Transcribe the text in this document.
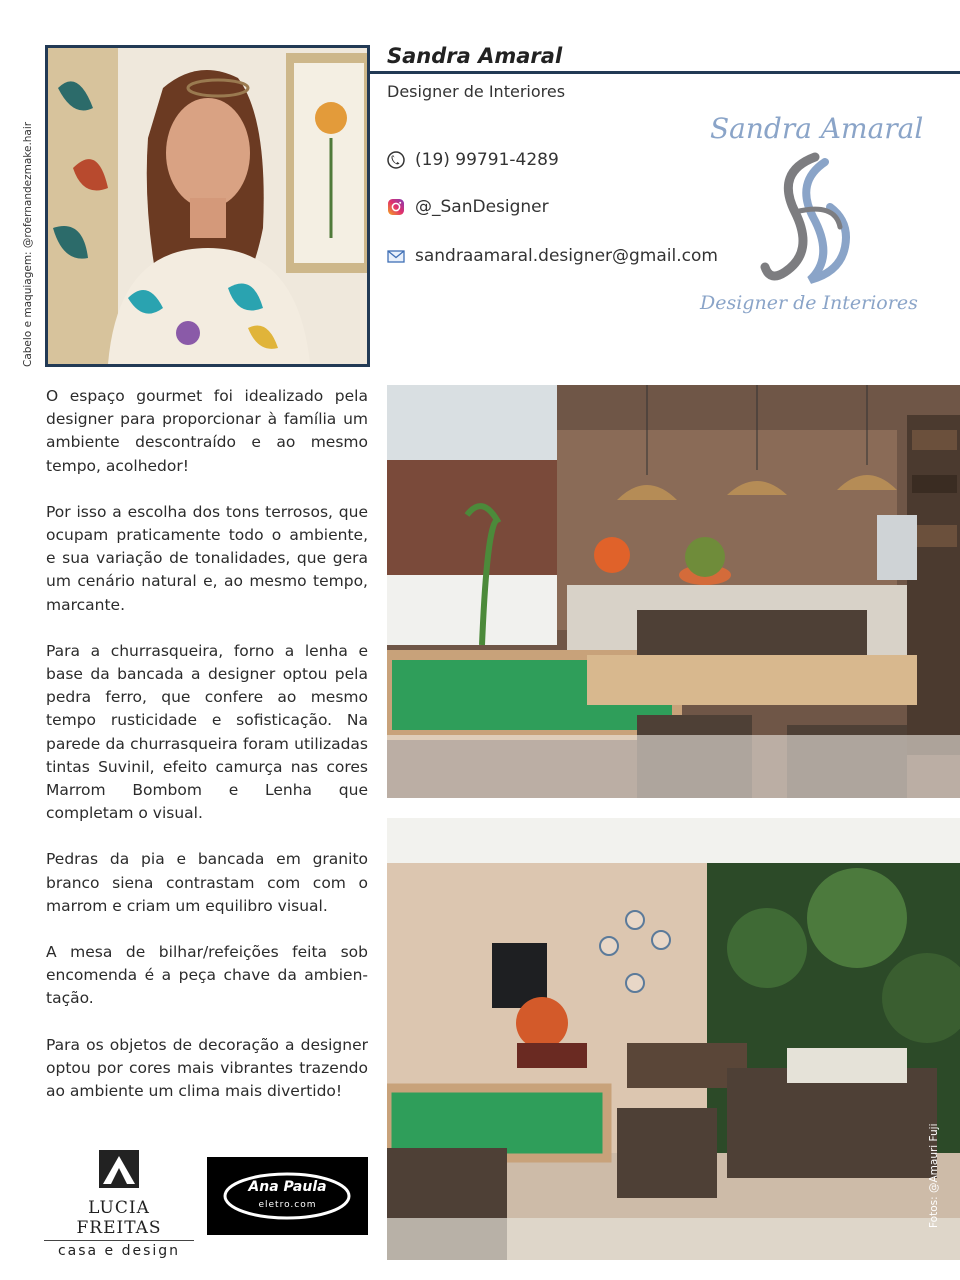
Cabelo e maquiagem: @rofernandezmake.hair
Sandra Amaral
Designer de Interiores
(19) 99791-4289
@_SanDesigner
sandraamaral.designer@gmail.com
Sandra Amaral
Designer de Interiores

O espaço gourmet foi idealizado pela designer para proporcionar à família um ambiente descontraído e ao mesmo tempo, acolhedor!

Por isso a escolha dos tons terrosos, que ocupam praticamente todo o ambiente, e sua variação de tonalidades, que gera um cenário natural e, ao mesmo tempo, marcante.

Para a churrasqueira, forno a lenha e base da bancada a designer optou pela pedra ferro, que confere ao mesmo tempo rusticidade e sofisticação. Na parede da churrasqueira foram utilizadas tintas Suvinil, efeito camurça nas cores Marrom Bombom e Lenha que completam o visual.

Pedras da pia e bancada em granito branco siena contrastam com com o marrom e criam um equilibro visual.

A mesa de bilhar/refeições feita sob encomenda é a peça chave da ambien-tação.

Para os objetos de decoração a designer optou por cores mais vibrantes trazendo ao ambiente um clima mais divertido!

Fotos: @Amauri Fuji
LUCIA FREITAS
casa e design
Ana Paula
eletro.com
